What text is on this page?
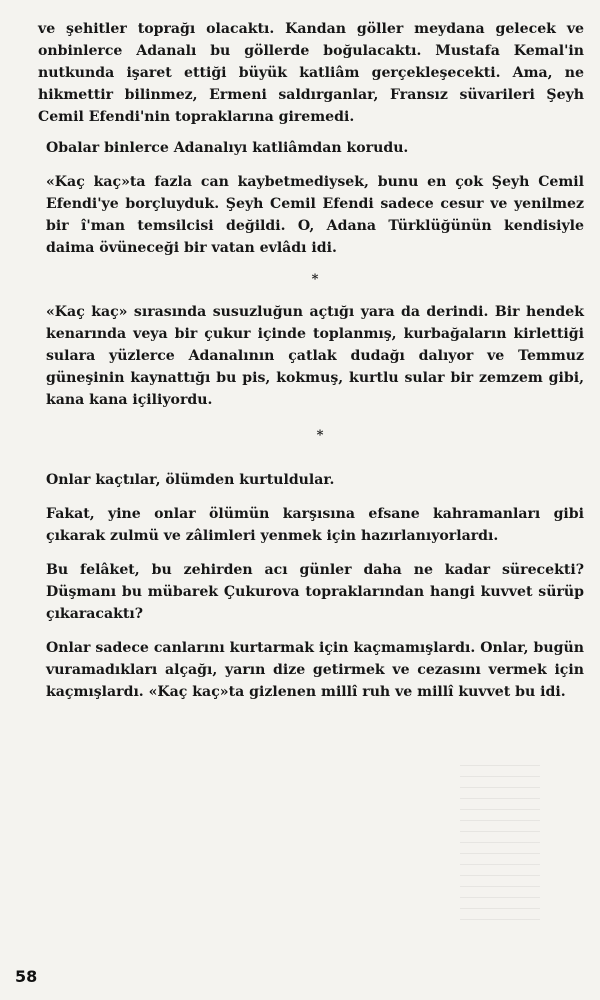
ve şehitler toprağı olacaktı. Kandan göller meydana gelecek ve onbinlerce Adanalı bu göllerde boğulacaktı. Mustafa Kemal'in nutkunda işaret ettiği büyük katliâm gerçekleşecekti. Ama, ne hikmettir bilinmez, Ermeni saldırganlar, Fransız süvarileri Şeyh Cemil Efendi'nin topraklarına giremedi.

Obalar binlerce Adanalıyı katliâmdan korudu.

«Kaç kaç»ta fazla can kaybetmediysek, bunu en çok Şeyh Cemil Efendi'ye borçluyduk. Şeyh Cemil Efendi sadece cesur ve yenilmez bir î'man temsilcisi değildi. O, Adana Türklüğünün kendisiyle daima övüneceği bir vatan evlâdı idi.

*

«Kaç kaç» sırasında susuzluğun açtığı yara da derindi. Bir hendek kenarında veya bir çukur içinde toplanmış, kurbağaların kirlettiği sulara yüzlerce Adanalının çatlak dudağı dalıyor ve Temmuz güneşinin kaynattığı bu pis, kokmuş, kurtlu sular bir zemzem gibi, kana kana içiliyordu.

*

Onlar kaçtılar, ölümden kurtuldular.

Fakat, yine onlar ölümün karşısına efsane kahramanları gibi çıkarak zulmü ve zâlimleri yenmek için hazırlanıyorlardı.

Bu felâket, bu zehirden acı günler daha ne kadar sürecekti? Düşmanı bu mübarek Çukurova topraklarından hangi kuvvet sürüp çıkaracaktı?

Onlar sadece canlarını kurtarmak için kaçmamışlardı. Onlar, bugün vuramadıkları alçağı, yarın dize getirmek ve cezasını vermek için kaçmışlardı. «Kaç kaç»ta gizlenen millî ruh ve millî kuvvet bu idi.

58
